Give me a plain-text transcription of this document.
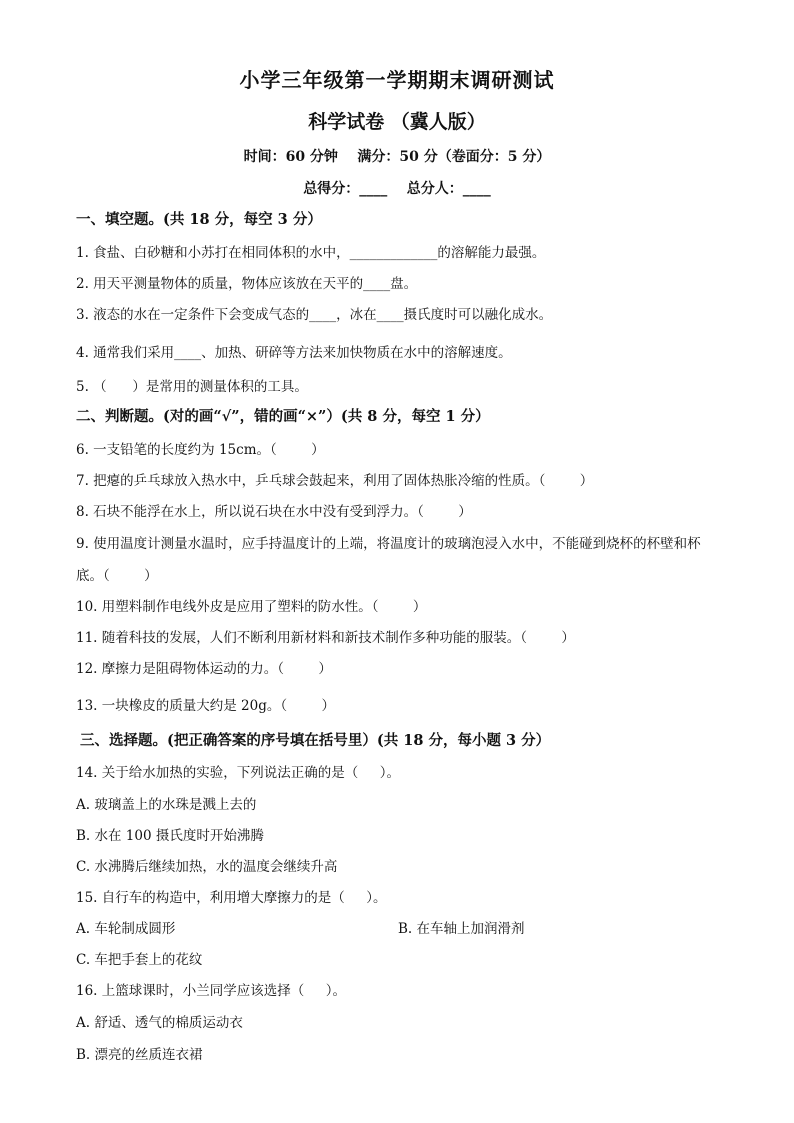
小学三年级第一学期期末调研测试
科学试卷 （冀人版）
时间：60 分钟    满分：50 分（卷面分：5 分）
总得分：____    总分人：____
一、填空题。(共 18 分，每空 3 分）
1. 食盐、白砂糖和小苏打在相同体积的水中，_____________的溶解能力最强。
2. 用天平测量物体的质量，物体应该放在天平的____盘。
3. 液态的水在一定条件下会变成气态的____，冰在____摄氏度时可以融化成水。
4. 通常我们采用____、加热、研碎等方法来加快物质在水中的溶解速度。
5. （      ）是常用的测量体积的工具。
二、判断题。(对的画“√”，错的画“×”）(共 8 分，每空 1 分）
6. 一支铅笔的长度约为 15cm。（        ）
7. 把瘪的乒乓球放入热水中，乒乓球会鼓起来，利用了固体热胀冷缩的性质。（        ）
8. 石块不能浮在水上，所以说石块在水中没有受到浮力。（        ）
9. 使用温度计测量水温时，应手持温度计的上端，将温度计的玻璃泡浸入水中，不能碰到烧杯的杯壁和杯
底。（        ）
10. 用塑料制作电线外皮是应用了塑料的防水性。（        ）
11. 随着科技的发展，人们不断利用新材料和新技术制作多种功能的服装。（        ）
12. 摩擦力是阻碍物体运动的力。（        ）
13. 一块橡皮的质量大约是 20g。（        ）
三、选择题。(把正确答案的序号填在括号里）(共 18 分，每小题 3 分）
14. 关于给水加热的实验，下列说法正确的是（     ）。
A. 玻璃盖上的水珠是溅上去的
B. 水在 100 摄氏度时开始沸腾
C. 水沸腾后继续加热，水的温度会继续升高
15. 自行车的构造中，利用增大摩擦力的是（     ）。
A. 车轮制成圆形	B. 在车轴上加润滑剂
C. 车把手套上的花纹
16. 上篮球课时，小兰同学应该选择（     ）。
A. 舒适、透气的棉质运动衣
B. 漂亮的丝质连衣裙
